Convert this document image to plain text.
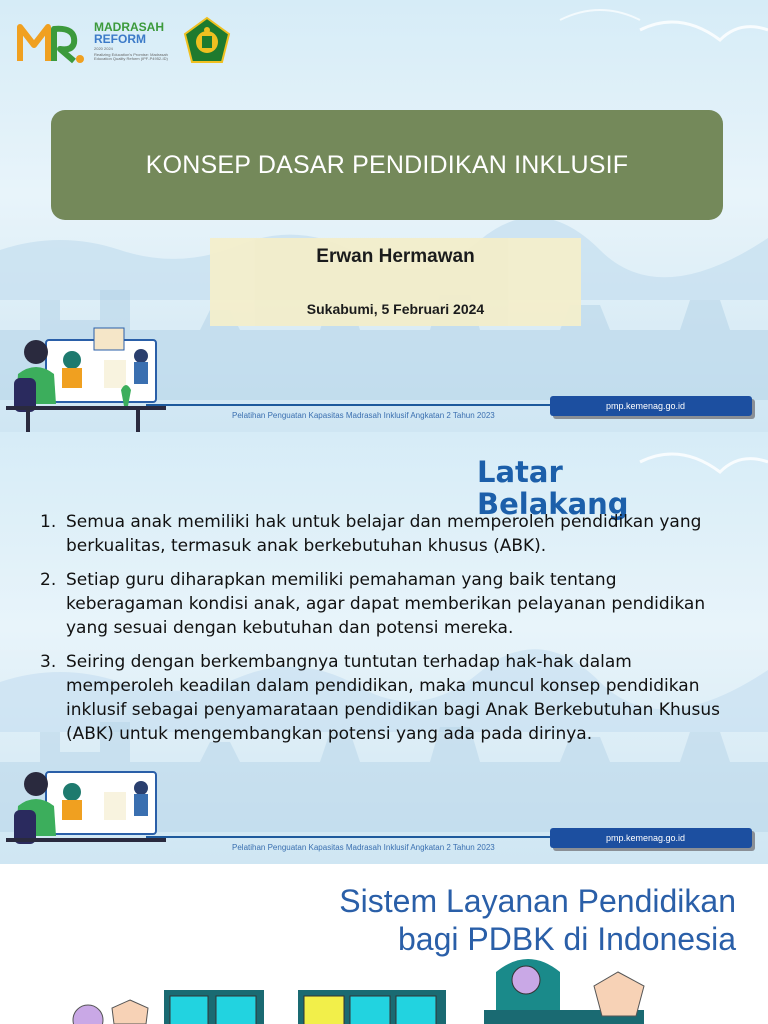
MADRASAH
REFORM
2020 2024
Realizing Education's Promise: Madrasah Education Quality Reform (IPF-P4952-ID)
KONSEP DASAR PENDIDIKAN INKLUSIF
Erwan Hermawan
Sukabumi, 5 Februari 2024
Pelatihan Penguatan Kapasitas Madrasah Inklusif Angkatan 2 Tahun 2023
pmp.kemenag.go.id
Latar
Belakang
1. Semua anak memiliki hak untuk belajar dan memperoleh pendidikan yang berkualitas, termasuk anak berkebutuhan khusus (ABK).
2. Setiap guru diharapkan memiliki pemahaman yang baik tentang keberagaman kondisi anak, agar dapat memberikan pelayanan pendidikan yang sesuai dengan kebutuhan dan potensi mereka.
3. Seiring dengan berkembangnya tuntutan terhadap hak-hak dalam memperoleh keadilan dalam pendidikan, maka muncul konsep pendidikan inklusif sebagai penyamarataan pendidikan bagi Anak Berkebutuhan Khusus (ABK) untuk mengembangkan potensi yang ada pada dirinya.
Pelatihan Penguatan Kapasitas Madrasah Inklusif Angkatan 2 Tahun 2023
pmp.kemenag.go.id
Sistem Layanan Pendidikan
bagi PDBK di Indonesia
